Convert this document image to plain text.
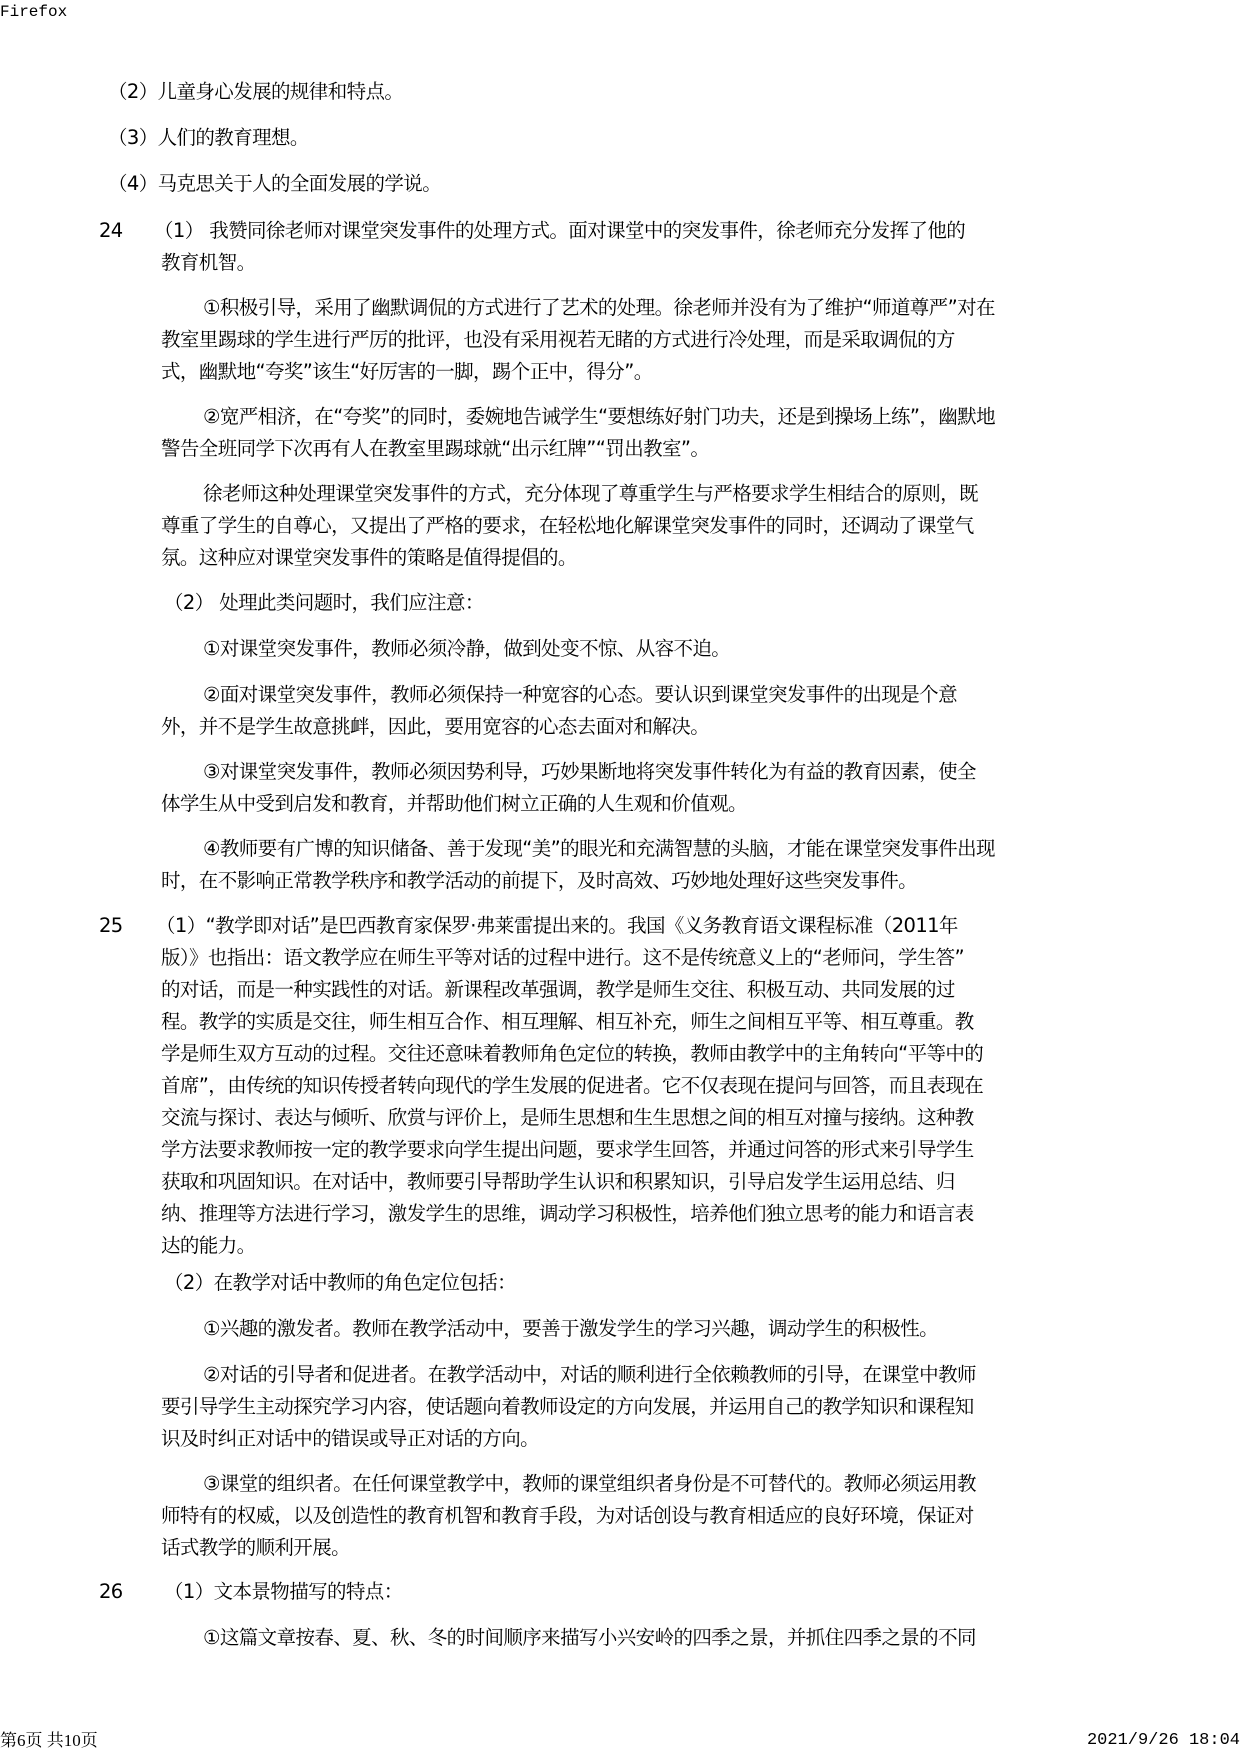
Firefox
（2）儿童身心发展的规律和特点。
（3）人们的教育理想。
（4）马克思关于人的全面发展的学说。
24 （1） 我赞同徐老师对课堂突发事件的处理方式。面对课堂中的突发事件，徐老师充分发挥了他的
教育机智。
①积极引导，采用了幽默调侃的方式进行了艺术的处理。徐老师并没有为了维护“师道尊严”对在
教室里踢球的学生进行严厉的批评，也没有采用视若无睹的方式进行冷处理，而是采取调侃的方
式，幽默地“夸奖”该生“好厉害的一脚，踢个正中，得分”。
②宽严相济，在“夸奖”的同时，委婉地告诫学生“要想练好射门功夫，还是到操场上练”，幽默地
警告全班同学下次再有人在教室里踢球就“出示红牌”“罚出教室”。
徐老师这种处理课堂突发事件的方式，充分体现了尊重学生与严格要求学生相结合的原则，既
尊重了学生的自尊心，又提出了严格的要求，在轻松地化解课堂突发事件的同时，还调动了课堂气
氛。这种应对课堂突发事件的策略是值得提倡的。
（2） 处理此类问题时，我们应注意：
①对课堂突发事件，教师必须冷静，做到处变不惊、从容不迫。
②面对课堂突发事件，教师必须保持一种宽容的心态。要认识到课堂突发事件的出现是个意
外，并不是学生故意挑衅，因此，要用宽容的心态去面对和解决。
③对课堂突发事件，教师必须因势利导，巧妙果断地将突发事件转化为有益的教育因素，使全
体学生从中受到启发和教育，并帮助他们树立正确的人生观和价值观。
④教师要有广博的知识储备、善于发现“美”的眼光和充满智慧的头脑，才能在课堂突发事件出现
时，在不影响正常教学秩序和教学活动的前提下，及时高效、巧妙地处理好这些突发事件。
25 （1）“教学即对话”是巴西教育家保罗·弗莱雷提出来的。我国《义务教育语文课程标准（2011年
版）》也指出：语文教学应在师生平等对话的过程中进行。这不是传统意义上的“老师问，学生答”
的对话，而是一种实践性的对话。新课程改革强调，教学是师生交往、积极互动、共同发展的过
程。教学的实质是交往，师生相互合作、相互理解、相互补充，师生之间相互平等、相互尊重。教
学是师生双方互动的过程。交往还意味着教师角色定位的转换，教师由教学中的主角转向“平等中的
首席”，由传统的知识传授者转向现代的学生发展的促进者。它不仅表现在提问与回答，而且表现在
交流与探讨、表达与倾听、欣赏与评价上，是师生思想和生生思想之间的相互对撞与接纳。这种教
学方法要求教师按一定的教学要求向学生提出问题，要求学生回答，并通过问答的形式来引导学生
获取和巩固知识。在对话中，教师要引导帮助学生认识和积累知识，引导启发学生运用总结、归
纳、推理等方法进行学习，激发学生的思维，调动学习积极性，培养他们独立思考的能力和语言表
达的能力。
（2）在教学对话中教师的角色定位包括：
①兴趣的激发者。教师在教学活动中，要善于激发学生的学习兴趣，调动学生的积极性。
②对话的引导者和促进者。在教学活动中，对话的顺利进行全依赖教师的引导，在课堂中教师
要引导学生主动探究学习内容，使话题向着教师设定的方向发展，并运用自己的教学知识和课程知
识及时纠正对话中的错误或导正对话的方向。
③课堂的组织者。在任何课堂教学中，教师的课堂组织者身份是不可替代的。教师必须运用教
师特有的权威，以及创造性的教育机智和教育手段，为对话创设与教育相适应的良好环境，保证对
话式教学的顺利开展。
26 （1）文本景物描写的特点：
①这篇文章按春、夏、秋、冬的时间顺序来描写小兴安岭的四季之景，并抓住四季之景的不同
第6页 共10页	2021/9/26 18:04
